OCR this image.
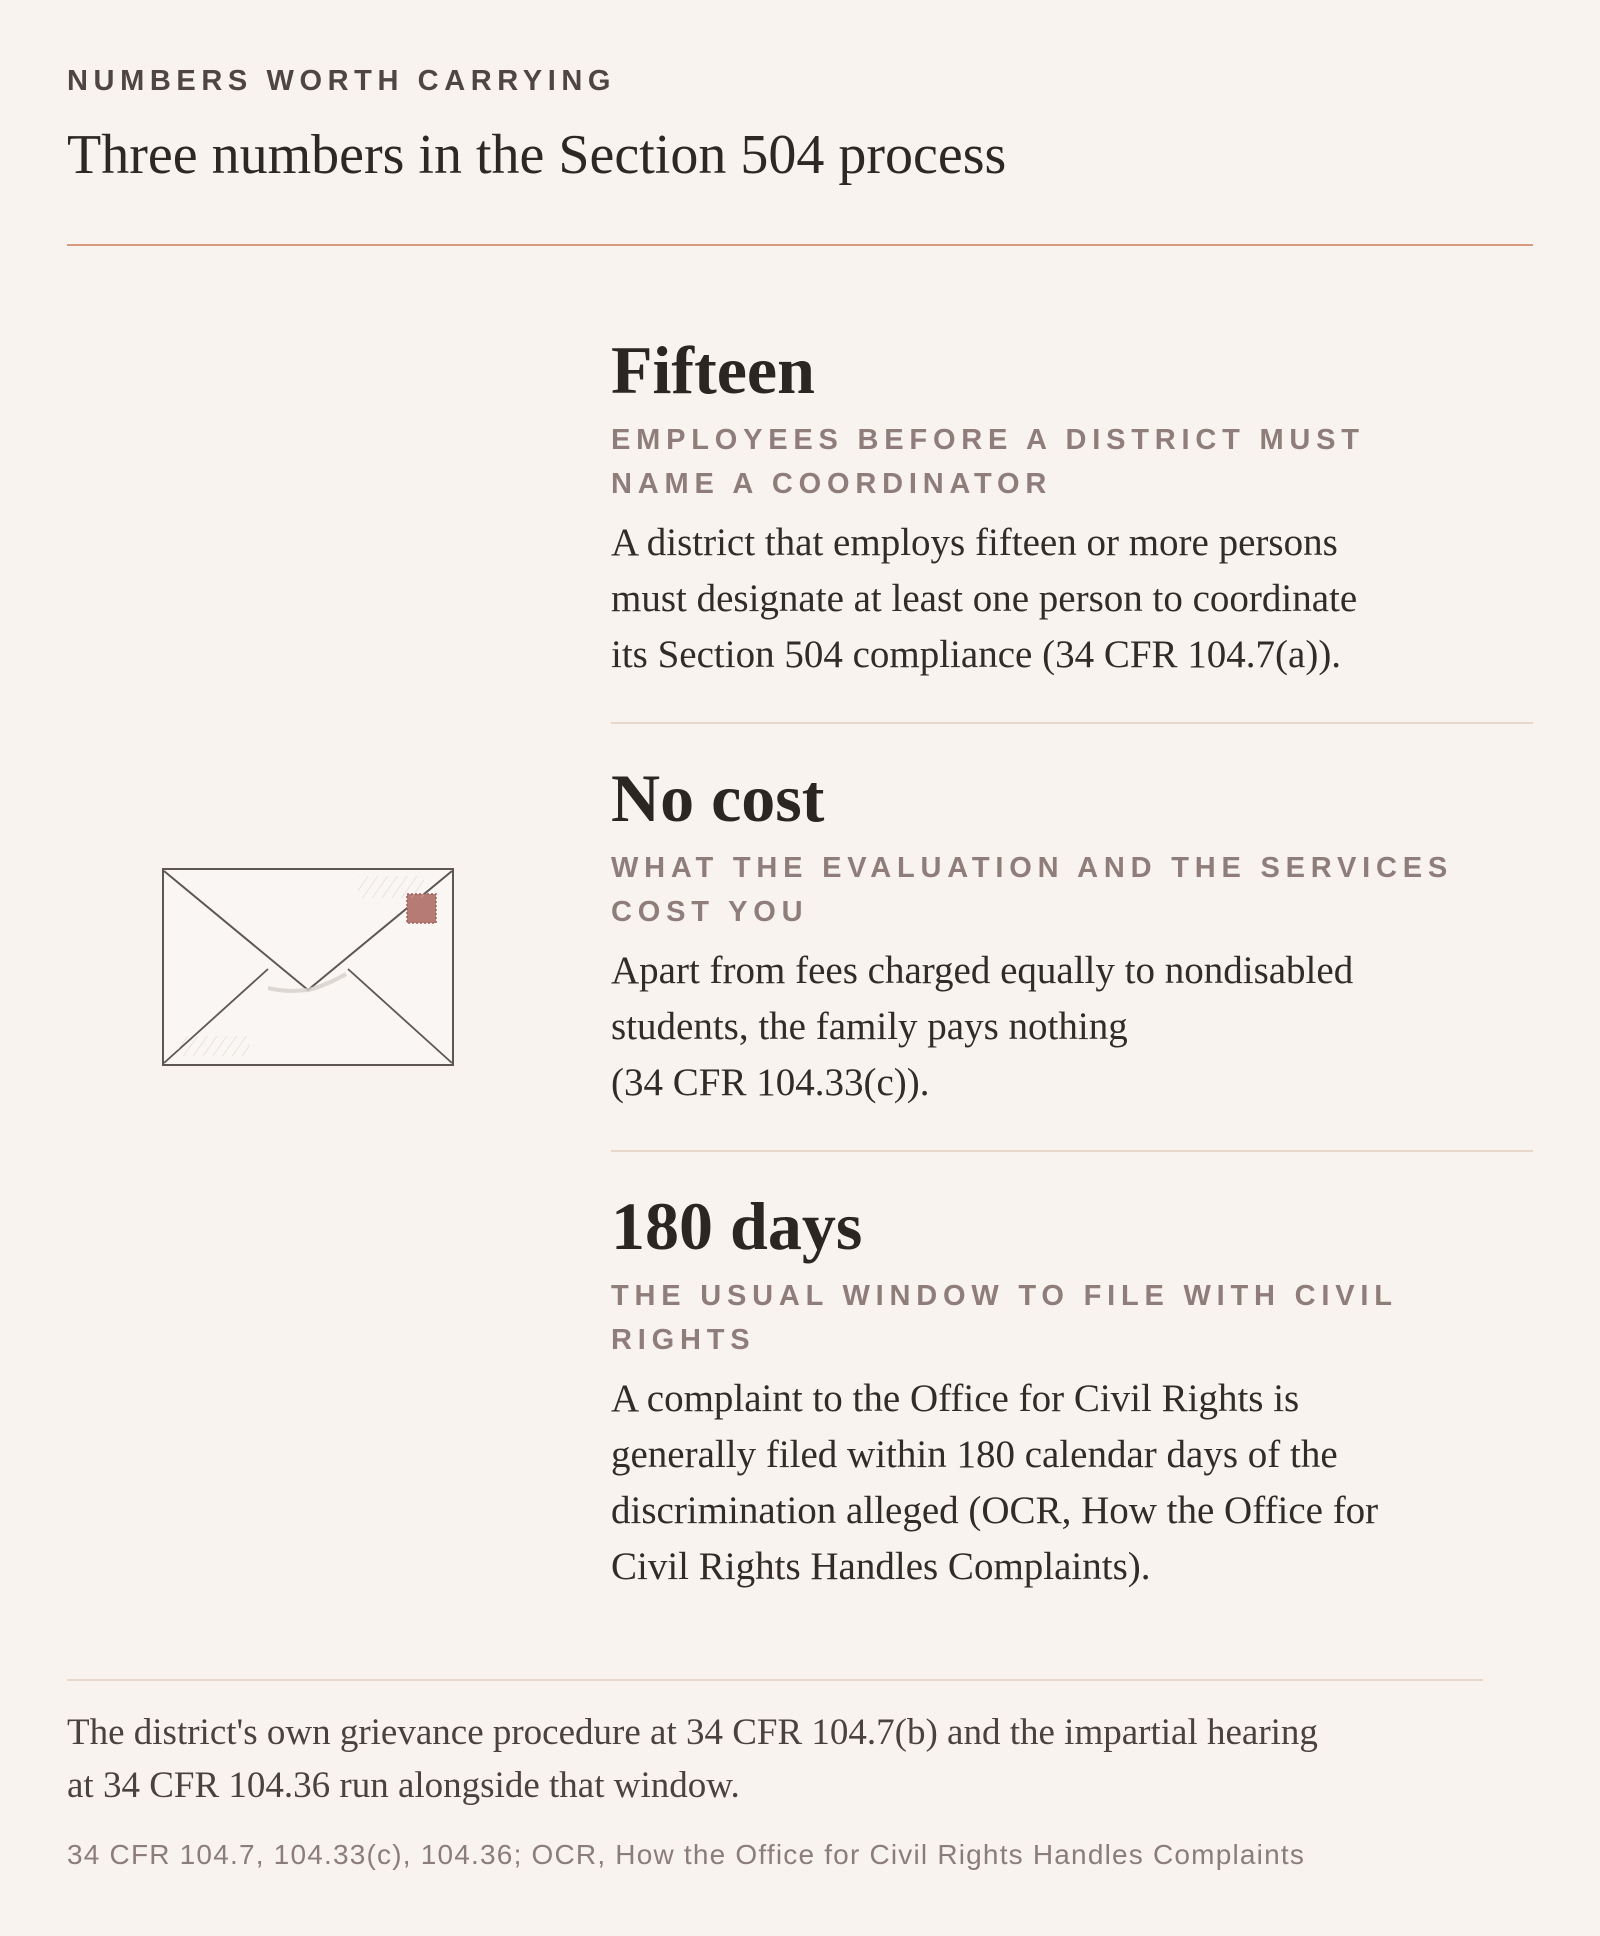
NUMBERS WORTH CARRYING

Three numbers in the Section 504 process
Fifteen

EMPLOYEES BEFORE A DISTRICT MUST
NAME A COORDINATOR

A district that employs fifteen or more persons
must designate at least one person to coordinate
its Section 504 compliance (34 CFR 104.7(a)).

No cost

WHAT THE EVALUATION AND THE SERVICES
COST YOU

Apart from fees charged equally to nondisabled
students, the family pays nothing
(34 CFR 104.33(c)).

180 days

THE USUAL WINDOW TO FILE WITH CIVIL
RIGHTS

A complaint to the Office for Civil Rights is
generally filed within 180 calendar days of the
discrimination alleged (OCR, How the Office for
Civil Rights Handles Complaints).

The district's own grievance procedure at 34 CFR 104.7(b) and the impartial hearing
at 34 CFR 104.36 run alongside that window.

34 CFR 104.7, 104.33(c), 104.36; OCR, How the Office for Civil Rights Handles Complaints
